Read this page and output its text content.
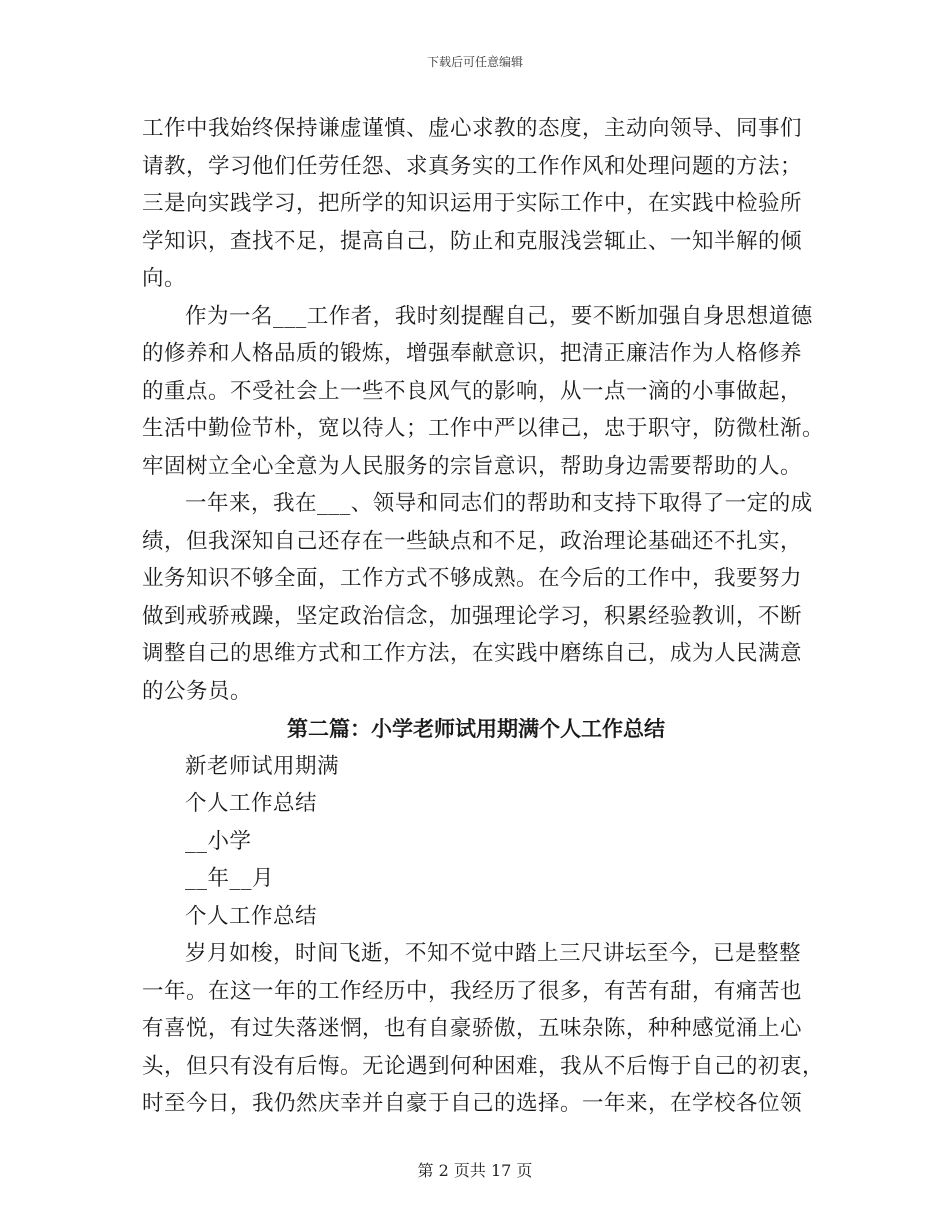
下载后可任意编辑
工作中我始终保持谦虚谨慎、虚心求教的态度，主动向领导、同事们
请教，学习他们任劳任怨、求真务实的工作作风和处理问题的方法；
三是向实践学习，把所学的知识运用于实际工作中，在实践中检验所
学知识，查找不足，提高自己，防止和克服浅尝辄止、一知半解的倾
向。
作为一名___工作者，我时刻提醒自己，要不断加强自身思想道德
的修养和人格品质的锻炼，增强奉献意识，把清正廉洁作为人格修养
的重点。不受社会上一些不良风气的影响，从一点一滴的小事做起，
生活中勤俭节朴，宽以待人；工作中严以律己，忠于职守，防微杜渐。
牢固树立全心全意为人民服务的宗旨意识，帮助身边需要帮助的人。
一年来，我在___、领导和同志们的帮助和支持下取得了一定的成
绩，但我深知自己还存在一些缺点和不足，政治理论基础还不扎实，
业务知识不够全面，工作方式不够成熟。在今后的工作中，我要努力
做到戒骄戒躁，坚定政治信念，加强理论学习，积累经验教训，不断
调整自己的思维方式和工作方法，在实践中磨练自己，成为人民满意
的公务员。
第二篇：小学老师试用期满个人工作总结
新老师试用期满
个人工作总结
__小学
__年__月
个人工作总结
岁月如梭，时间飞逝，不知不觉中踏上三尺讲坛至今，已是整整
一年。在这一年的工作经历中，我经历了很多，有苦有甜，有痛苦也
有喜悦，有过失落迷惘，也有自豪骄傲，五味杂陈，种种感觉涌上心
头，但只有没有后悔。无论遇到何种困难，我从不后悔于自己的初衷，
时至今日，我仍然庆幸并自豪于自己的选择。一年来，在学校各位领
第 2 页共 17 页
